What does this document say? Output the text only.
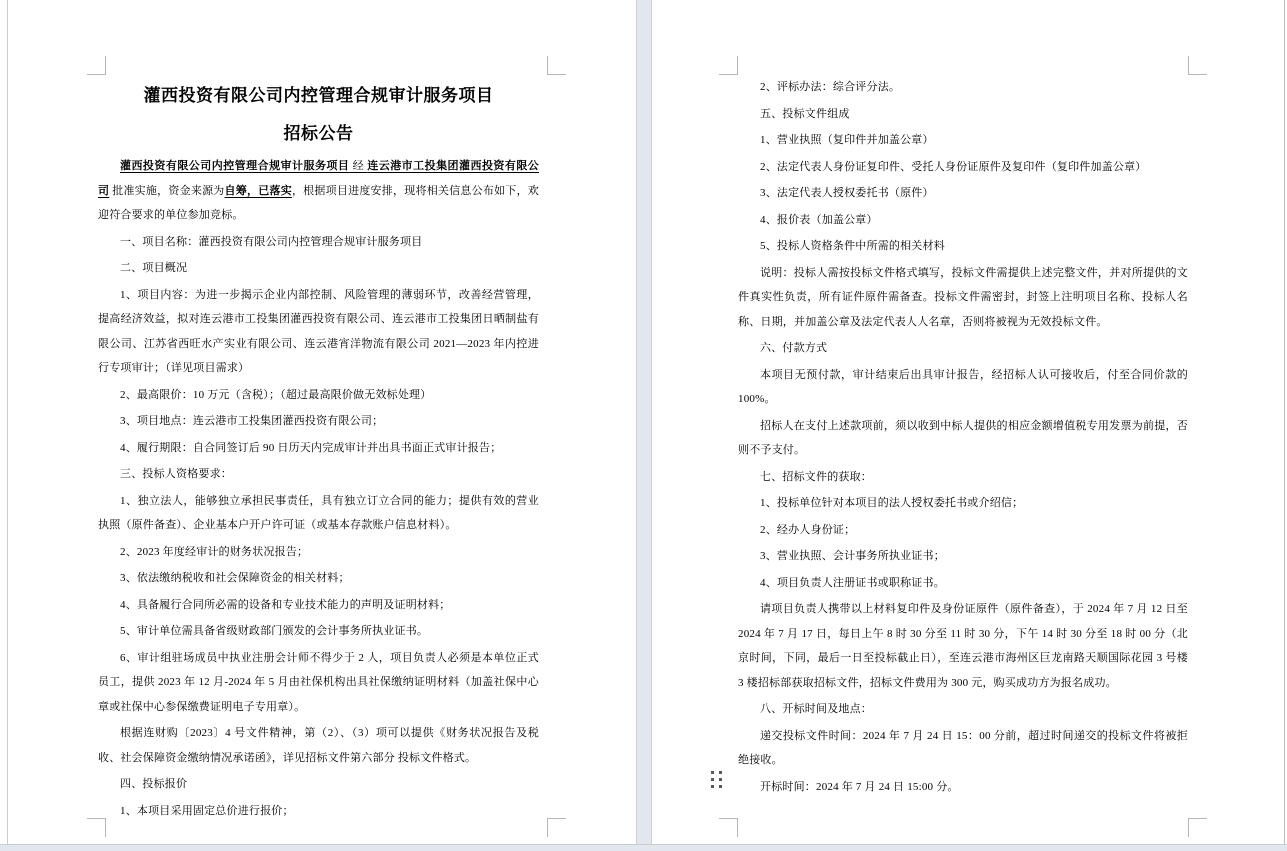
灌西投资有限公司内控管理合规审计服务项目

招标公告

灌西投资有限公司内控管理合规审计服务项目 经 连云港市工投集团灌西投资有限公司 批准实施，资金来源为自筹，已落实，根据项目进度安排，现将相关信息公布如下，欢迎符合要求的单位参加竞标。

一、项目名称：灌西投资有限公司内控管理合规审计服务项目

二、项目概况

1、项目内容：为进一步揭示企业内部控制、风险管理的薄弱环节，改善经营管理，提高经济效益，拟对连云港市工投集团灌西投资有限公司、连云港市工投集团日晒制盐有限公司、江苏省西旺水产实业有限公司、连云港宵洋物流有限公司 2021—2023 年内控进行专项审计；（详见项目需求）

2、最高限价：10 万元（含税）；（超过最高限价做无效标处理）

3、项目地点：连云港市工投集团灌西投资有限公司；

4、履行期限：自合同签订后 90 日历天内完成审计并出具书面正式审计报告；

三、投标人资格要求：

1、独立法人，能够独立承担民事责任，具有独立订立合同的能力；提供有效的营业执照（原件备查）、企业基本户开户许可证（或基本存款账户信息材料）。

2、2023 年度经审计的财务状况报告；

3、依法缴纳税收和社会保障资金的相关材料；

4、具备履行合同所必需的设备和专业技术能力的声明及证明材料；

5、审计单位需具备省级财政部门颁发的会计事务所执业证书。

6、审计组驻场成员中执业注册会计师不得少于 2 人，项目负责人必须是本单位正式员工，提供 2023 年 12 月-2024 年 5 月由社保机构出具社保缴纳证明材料（加盖社保中心章或社保中心参保缴费证明电子专用章）。

根据连财购〔2023〕4 号文件精神，第（2）、（3）项可以提供《财务状况报告及税收、社会保障资金缴纳情况承诺函》，详见招标文件第六部分 投标文件格式。

四、投标报价

1、本项目采用固定总价进行报价；

2、评标办法：综合评分法。

五、投标文件组成

1、营业执照（复印件并加盖公章）

2、法定代表人身份证复印件、受托人身份证原件及复印件（复印件加盖公章）

3、法定代表人授权委托书（原件）

4、报价表（加盖公章）

5、投标人资格条件中所需的相关材料

说明：投标人需按投标文件格式填写，投标文件需提供上述完整文件，并对所提供的文件真实性负责，所有证件原件需备查。投标文件需密封，封签上注明项目名称、投标人名称、日期，并加盖公章及法定代表人人名章，否则将被视为无效投标文件。

六、付款方式

本项目无预付款，审计结束后出具审计报告，经招标人认可接收后，付至合同价款的 100%。

招标人在支付上述款项前，须以收到中标人提供的相应金额增值税专用发票为前提，否则不予支付。

七、招标文件的获取：

1、投标单位针对本项目的法人授权委托书或介绍信；

2、经办人身份证；

3、营业执照、会计事务所执业证书；

4、项目负责人注册证书或职称证书。

请项目负责人携带以上材料复印件及身份证原件（原件备查），于 2024 年 7 月 12 日至 2024 年 7 月 17 日，每日上午 8 时 30 分至 11 时 30 分，下午 14 时 30 分至 18 时 00 分（北京时间，下同，最后一日至投标截止日），至连云港市海州区巨龙南路天顺国际花园 3 号楼 3 楼招标部获取招标文件，招标文件费用为 300 元，购买成功方为报名成功。

八、开标时间及地点：

递交投标文件时间：2024 年 7 月 24 日 15：00 分前，超过时间递交的投标文件将被拒绝接收。

开标时间：2024 年 7 月 24 日 15:00 分。
